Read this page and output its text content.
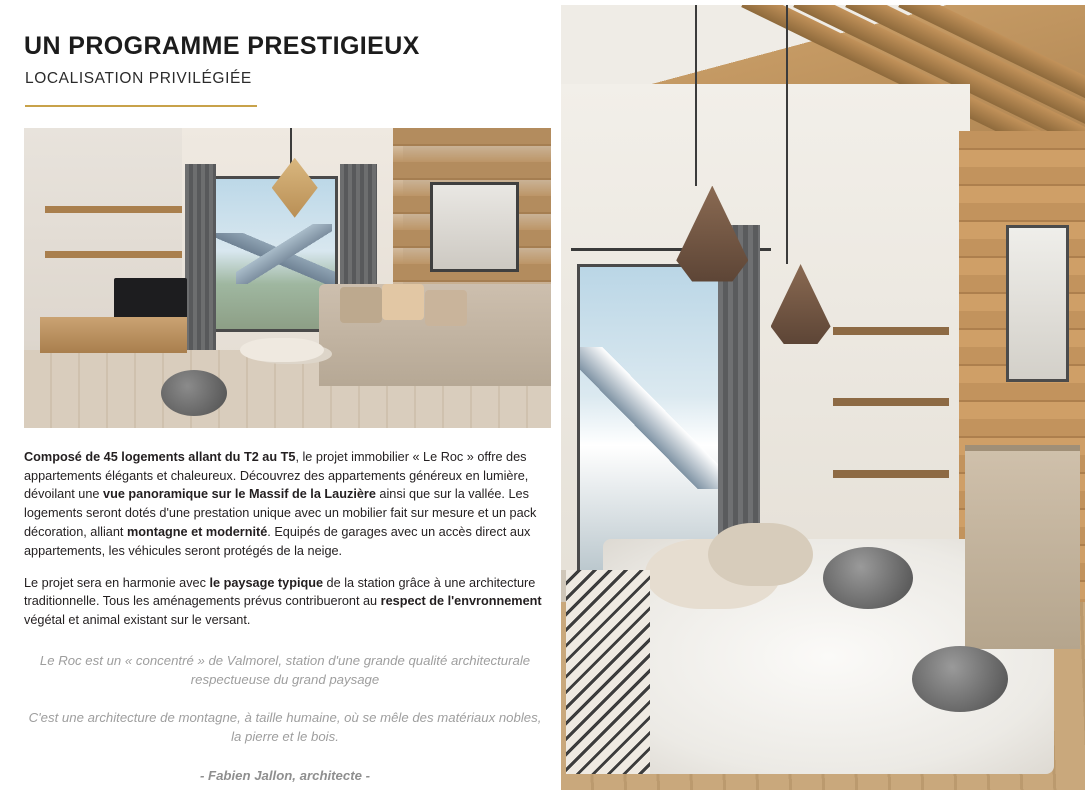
UN PROGRAMME PRESTIGIEUX
LOCALISATION PRIVILÉGIÉE

Composé de 45 logements allant du T2 au T5, le projet immobilier « Le Roc » offre des appartements élégants et chaleureux. Découvrez des appartements généreux en lumière, dévoilant une vue panoramique sur le Massif de la Lauzière ainsi que sur la vallée. Les logements seront dotés d'une prestation unique avec un mobilier fait sur mesure et un pack décoration, alliant montagne et modernité. Equipés de garages avec un accès direct aux appartements, les véhicules seront protégés de la neige.

Le projet sera en harmonie avec le paysage typique de la station grâce à une architecture traditionnelle. Tous les aménagements prévus contribueront au respect de l'envronnement végétal et animal existant sur le versant.

Le Roc est un « concentré » de Valmorel, station d'une grande qualité architecturale respectueuse du grand paysage

C'est une architecture de montagne, à taille humaine, où se mêle des matériaux nobles, la pierre et le bois.

- Fabien Jallon, architecte -
